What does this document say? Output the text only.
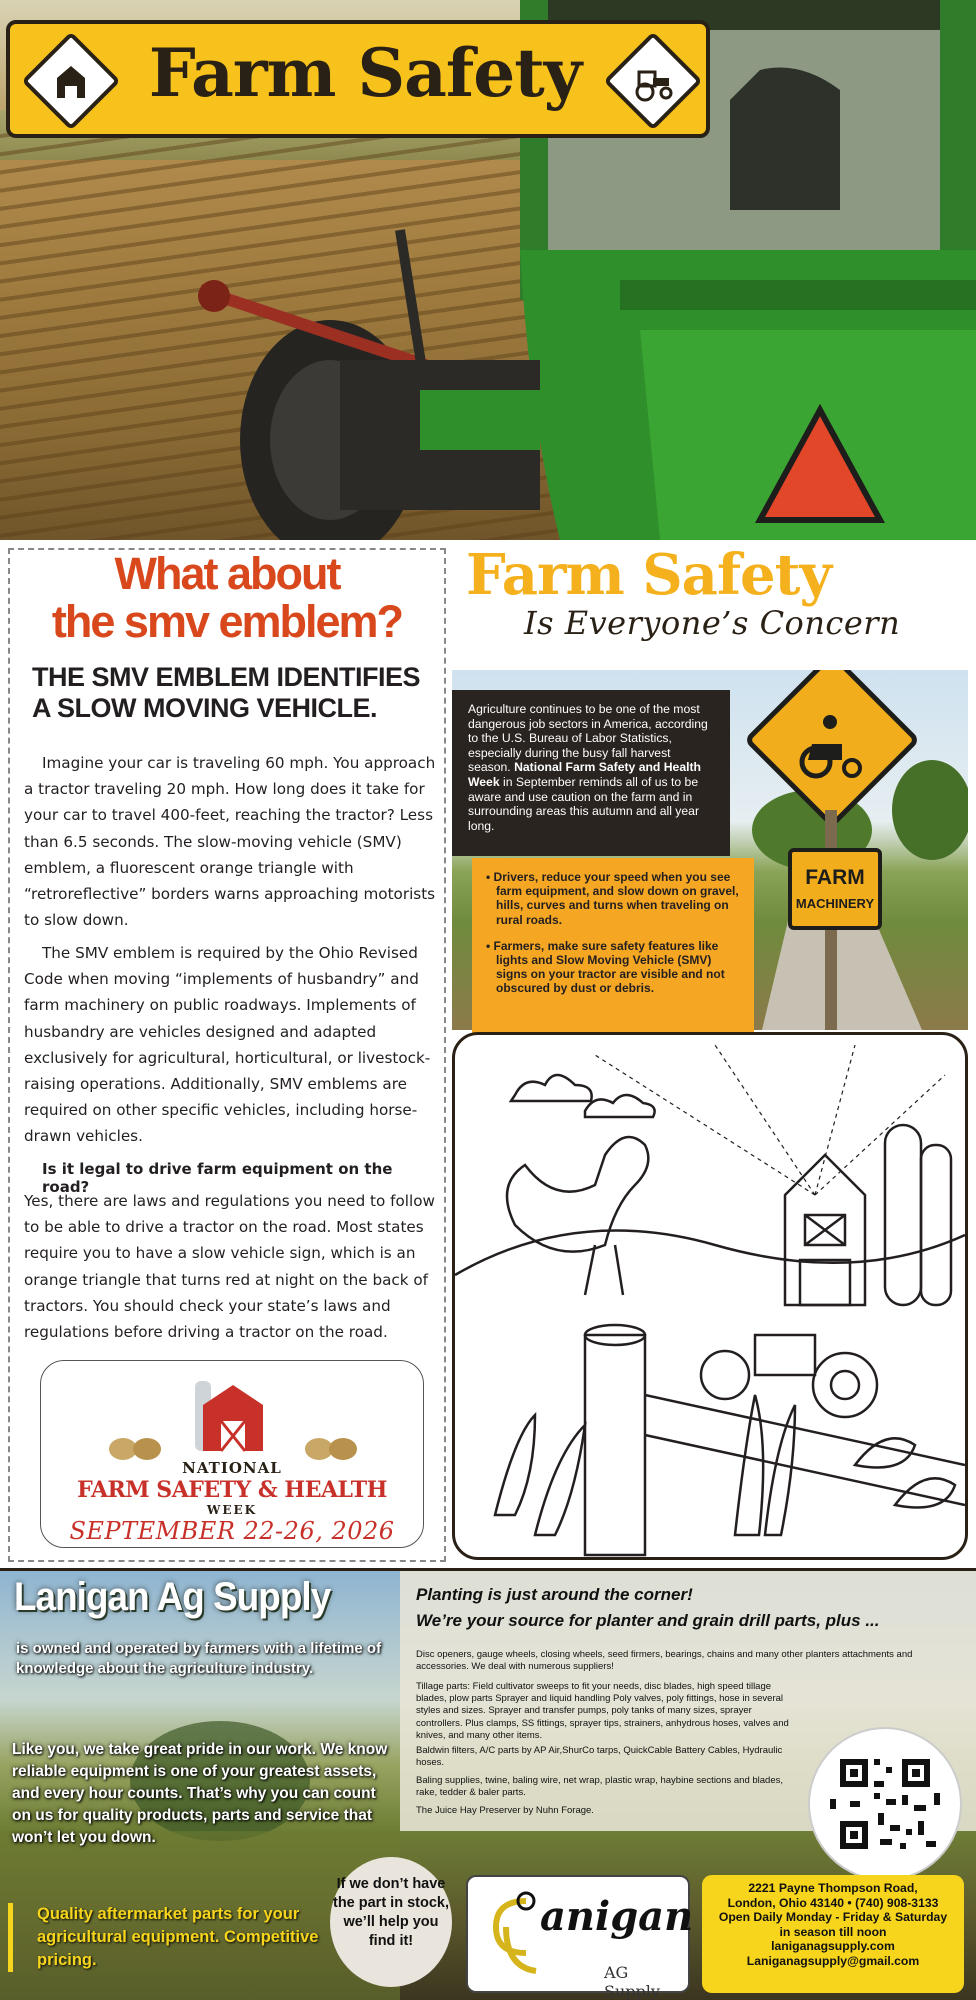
Farm Safety
What about
the smv emblem?
THE SMV EMBLEM IDENTIFIES
A SLOW MOVING VEHICLE.

Imagine your car is traveling 60 mph. You approach a tractor traveling 20 mph. How long does it take for your car to travel 400-feet, reaching the tractor? Less than 6.5 seconds. The slow-moving vehicle (SMV) emblem, a fluorescent orange triangle with “retroreflective” borders warns approaching motorists to slow down.

The SMV emblem is required by the Ohio Revised Code when moving “implements of husbandry” and farm machinery on public roadways. Implements of husbandry are vehicles designed and adapted exclusively for agricultural, horticultural, or livestock-raising operations. Additionally, SMV emblems are required on other specific vehicles, including horse-drawn vehicles.

Is it legal to drive farm equipment on the road?

Yes, there are laws and regulations you need to follow to be able to drive a tractor on the road. Most states require you to have a slow vehicle sign, which is an orange triangle that turns red at night on the back of tractors. You should check your state’s laws and regulations before driving a tractor on the road.

NATIONAL
FARM SAFETY & HEALTH
WEEK
SEPTEMBER 22-26, 2026
Farm Safety
Is Everyone’s Concern
FARM
MACHINERY
Agriculture continues to be one of the most dangerous job sectors in America, according to the U.S. Bureau of Labor Statistics, especially during the busy fall harvest season. National Farm Safety and Health Week in September reminds all of us to be aware and use caution on the farm and in surrounding areas this autumn and all year long.
• Drivers, reduce your speed when you see farm equipment, and slow down on gravel, hills, curves and turns when traveling on rural roads.
• Farmers, make sure safety features like lights and Slow Moving Vehicle (SMV) signs on your tractor are visible and not obscured by dust or debris.
Lanigan Ag Supply
is owned and operated by farmers with a lifetime of knowledge about the agriculture industry.
Like you, we take great pride in our work. We know reliable equipment is one of your greatest assets, and every hour counts. That’s why you can count on us for quality products, parts and service that won’t let you down.
Quality aftermarket parts for your agricultural equipment. Competitive pricing.
Planting is just around the corner!
We’re your source for planter and grain drill parts, plus ...
Disc openers, gauge wheels, closing wheels, seed firmers, bearings, chains and many other planters attachments and accessories. We deal with numerous suppliers!
Tillage parts: Field cultivator sweeps to fit your needs, disc blades, high speed tillage blades, plow parts Sprayer and liquid handling Poly valves, poly fittings, hose in several styles and sizes. Sprayer and transfer pumps, poly tanks of many sizes, sprayer controllers. Plus clamps, SS fittings, sprayer tips, strainers, anhydrous hoses, valves and knives, and many other items.
Baldwin filters, A/C parts by AP Air,ShurCo tarps, QuickCable Battery Cables, Hydraulic hoses.
Baling supplies, twine, baling wire, net wrap, plastic wrap, haybine sections and blades, rake, tedder & baler parts.
The Juice Hay Preserver by Nuhn Forage.
If we don’t have the part in stock, we’ll help you find it!
anigan
AG Supply
2221 Payne Thompson Road,
London, Ohio 43140 • (740) 908-3133
Open Daily Monday - Friday & Saturday
in season till noon
laniganagsupply.com
Laniganagsupply@gmail.com
